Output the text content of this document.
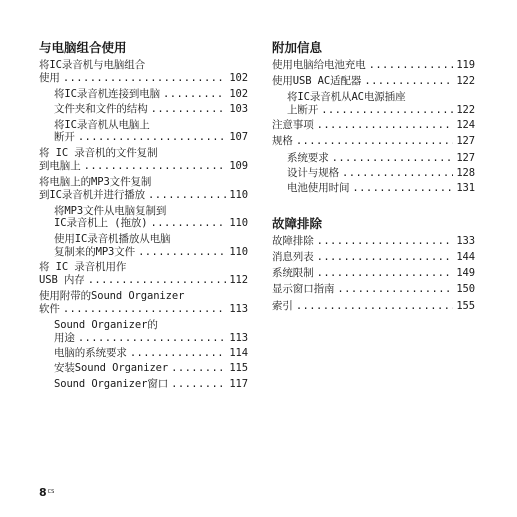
与电脑组合使用
将IC录音机与电脑组合
使用 .....	102
将IC录音机连接到电脑 .....	102
文件夹和文件的结构 .....	103
将IC录音机从电脑上
断开 .....	107
将 IC 录音机的文件复制
到电脑上 .....	109
将电脑上的MP3文件复制
到IC录音机并进行播放 .....	110
将MP3文件从电脑复制到
IC录音机上 (拖放) .....	110
使用IC录音机播放从电脑
复制来的MP3文件 .....	110
将 IC 录音机用作
USB 内存 .....	112
使用附带的Sound Organizer
软件 .....	113
Sound Organizer的
用途 .....	113
电脑的系统要求 .....	114
安装Sound Organizer .....	115
Sound Organizer窗口 .....	117
附加信息
使用电脑给电池充电 .....	119
使用USB AC适配器 .....	122
将IC录音机从AC电源插座
上断开 .....	122
注意事项 .....	124
规格 .....	127
系统要求 .....	127
设计与规格 .....	128
电池使用时间 .....	131
故障排除
故障排除 .....	133
消息列表 .....	144
系统限制 .....	149
显示窗口指南 .....	150
索引 .....	155
$8^{CS}$
